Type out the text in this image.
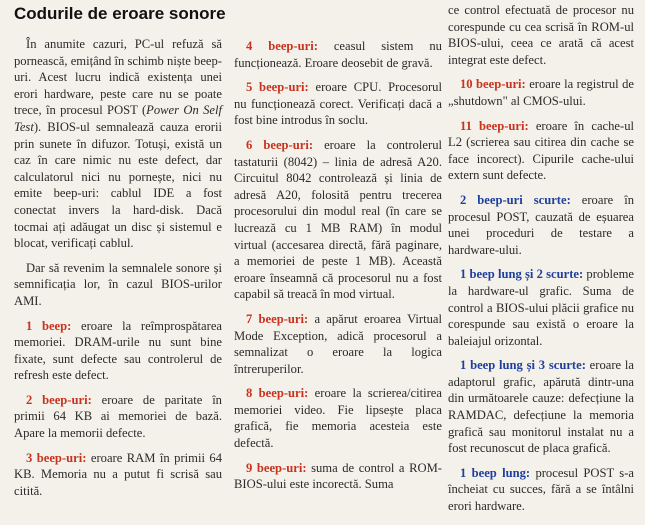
Codurile de eroare sonore

În anumite cazuri, PC-ul refuză să pornească, emițând în schimb niște beep-uri. Acest lucru indică existența unei erori hardware, peste care nu se poate trece, în procesul POST (Power On Self Test). BIOS-ul semnalează cauza erorii prin sunete în difuzor. Totuși, există un caz în care nimic nu este defect, dar calculatorul nici nu pornește, nici nu emite beep-uri: cablul IDE a fost conectat invers la hard-disk. Dacă tocmai ați adăugat un disc și sistemul e blocat, verificați cablul.

Dar să revenim la semnalele sonore și semnificația lor, în cazul BIOS-urilor AMI.

1 beep: eroare la reîmprospătarea memoriei. DRAM-urile nu sunt bine fixate, sunt defecte sau controlerul de refresh este defect.

2 beep-uri: eroare de paritate în primii 64 KB ai memoriei de bază. Apare la memorii defecte.

3 beep-uri: eroare RAM în primii 64 KB. Memoria nu a putut fi scrisă sau citită.

4 beep-uri: ceasul sistem nu funcționează. Eroare deosebit de gravă.

5 beep-uri: eroare CPU. Procesorul nu funcționează corect. Verificați dacă a fost bine introdus în soclu.

6 beep-uri: eroare la controlerul tastaturii (8042) – linia de adresă A20. Circuitul 8042 controlează și linia de adresă A20, folosită pentru trecerea procesorului din modul real (în care se lucrează cu 1 MB RAM) în modul virtual (accesarea directă, fără paginare, a memoriei de peste 1 MB). Această eroare înseamnă că procesorul nu a fost capabil să treacă în mod virtual.

7 beep-uri: a apărut eroarea Virtual Mode Exception, adică procesorul a semnalizat o eroare la logica întreruperilor.

8 beep-uri: eroare la scrierea/citirea memoriei video. Fie lipsește placa grafică, fie memoria acesteia este defectă.

9 beep-uri: suma de control a ROM-BIOS-ului este incorectă. Suma

ce control efectuată de procesor nu corespunde cu cea scrisă în ROM-ul BIOS-ului, ceea ce arată că acest integrat este defect.

10 beep-uri: eroare la registrul de „shutdown" al CMOS-ului.

11 beep-uri: eroare în cache-ul L2 (scrierea sau citirea din cache se face incorect). Cipurile cache-ului extern sunt defecte.

2 beep-uri scurte: eroare în procesul POST, cauzată de eșuarea unei proceduri de testare a hardware-ului.

1 beep lung și 2 scurte: probleme la hardware-ul grafic. Suma de control a BIOS-ului plăcii grafice nu corespunde sau există o eroare la baleiajul orizontal.

1 beep lung și 3 scurte: eroare la adaptorul grafic, apărută dintr-una din următoarele cauze: defecțiune la RAMDAC, defecțiune la memoria grafică sau monitorul instalat nu a fost recunoscut de placa grafică.

1 beep lung: procesul POST s-a încheiat cu succes, fără a se întâlni erori hardware.
